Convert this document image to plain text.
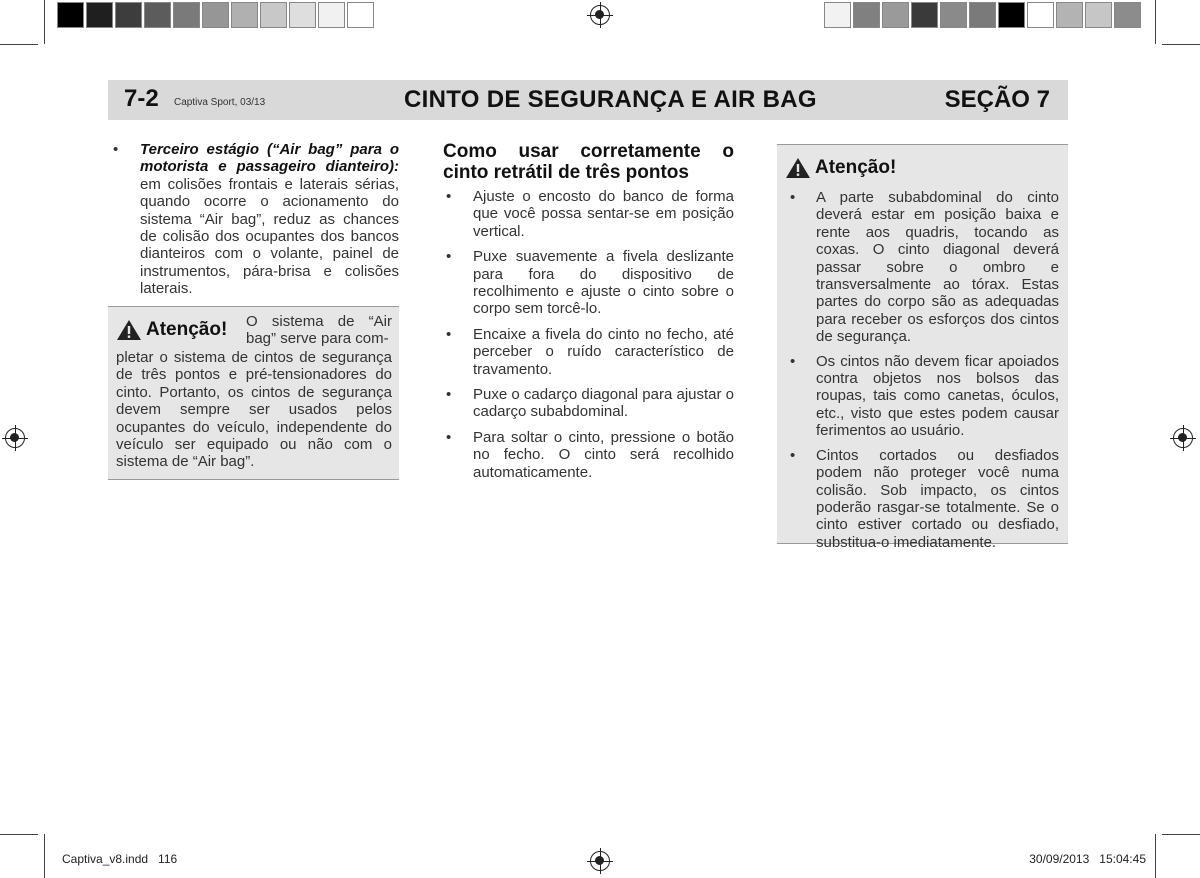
7-2 Captiva Sport, 03/13	CINTO DE SEGURANÇA E AIR BAG	SEÇÃO 7
• Terceiro estágio (“Air bag” para o motorista e passageiro dianteiro): em colisões frontais e laterais sérias, quando ocorre o acionamento do sistema “Air bag”, reduz as chances de colisão dos ocupantes dos bancos dianteiros com o volante, painel de instrumentos, pára-brisa e colisões laterais.
Atenção! O sistema de “Air bag” serve para com-
pletar o sistema de cintos de segurança de três pontos e pré-tensionadores do cinto. Portanto, os cintos de segurança devem sempre ser usados pelos ocupantes do veículo, independente do veículo ser equipado ou não com o sistema de “Air bag”.
Como usar corretamente o cinto retrátil de três pontos
• Ajuste o encosto do banco de forma que você possa sentar-se em posição vertical.
• Puxe suavemente a fivela deslizante para fora do dispositivo de recolhimento e ajuste o cinto sobre o corpo sem torcê-lo.
• Encaixe a fivela do cinto no fecho, até perceber o ruído característico de travamento.
• Puxe o cadarço diagonal para ajustar o cadarço subabdominal.
• Para soltar o cinto, pressione o botão no fecho. O cinto será recolhido automaticamente.
Atenção!
• A parte subabdominal do cinto deverá estar em posição baixa e rente aos quadris, tocando as coxas. O cinto diagonal deverá passar sobre o ombro e transversalmente ao tórax. Estas partes do corpo são as adequadas para receber os esforços dos cintos de segurança.
• Os cintos não devem ficar apoiados contra objetos nos bolsos das roupas, tais como canetas, óculos, etc., visto que estes podem causar ferimentos ao usuário.
• Cintos cortados ou desfiados podem não proteger você numa colisão. Sob impacto, os cintos poderão rasgar-se totalmente. Se o cinto estiver cortado ou desfiado, substitua-o imediatamente.
Captiva_v8.indd   116	30/09/2013   15:04:45
